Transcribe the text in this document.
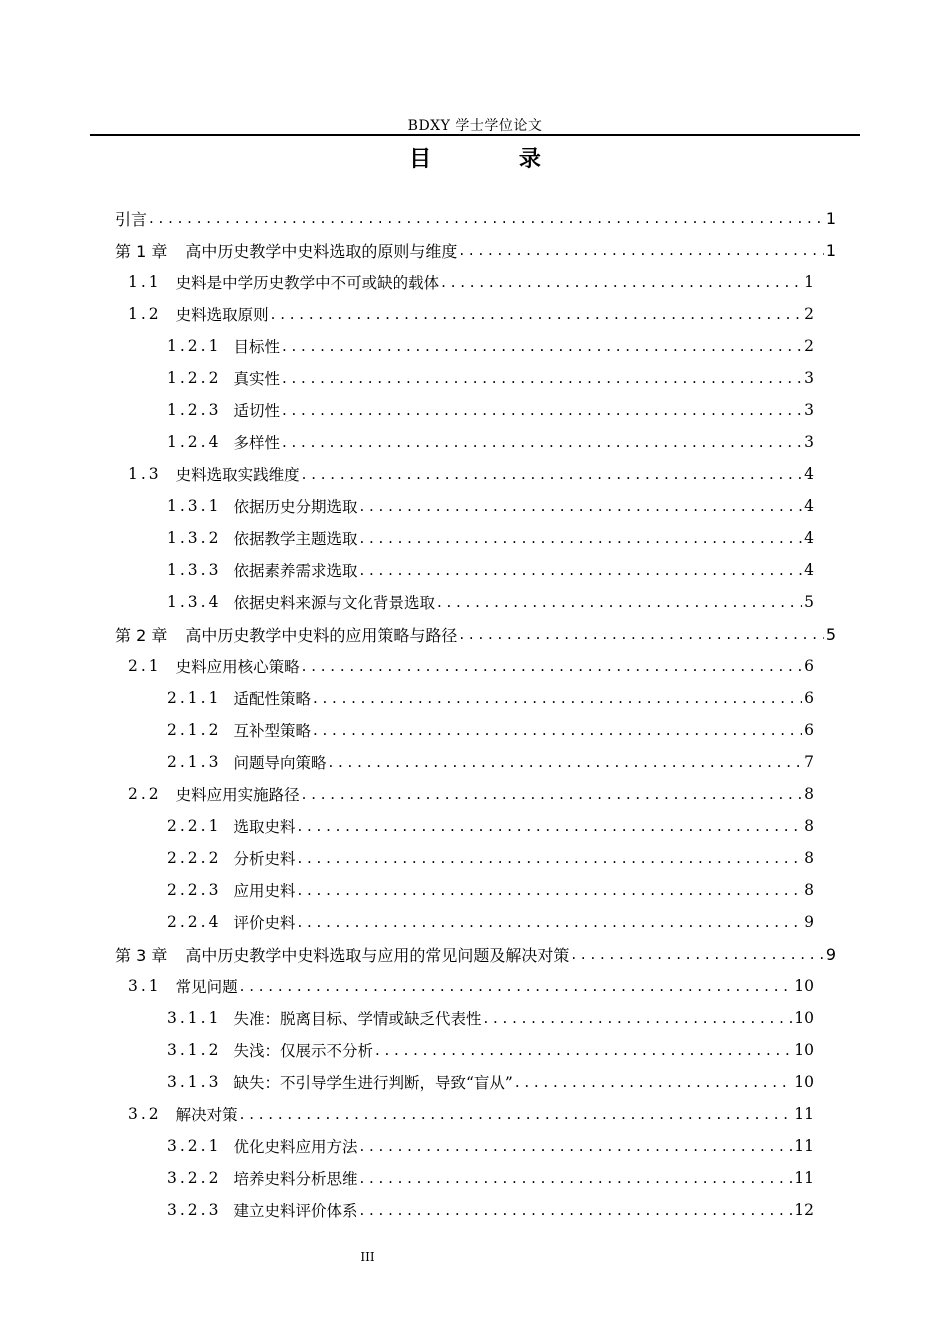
BDXY 学士学位论文
目 录
引言 . . .	1
第 1 章 高中历史教学中史料选取的原则与维度 . . .	1
1.1 史料是中学历史教学中不可或缺的载体 . . .	1
1.2 史料选取原则 . . .	2
1.2.1 目标性 . . .	2
1.2.2 真实性 . . .	3
1.2.3 适切性 . . .	3
1.2.4 多样性 . . .	3
1.3 史料选取实践维度 . . .	4
1.3.1 依据历史分期选取 . . .	4
1.3.2 依据教学主题选取 . . .	4
1.3.3 依据素养需求选取 . . .	4
1.3.4 依据史料来源与文化背景选取 . . .	5
第 2 章 高中历史教学中史料的应用策略与路径 . . .	5
2.1 史料应用核心策略 . . .	6
2.1.1 适配性策略 . . .	6
2.1.2 互补型策略 . . .	6
2.1.3 问题导向策略 . . .	7
2.2 史料应用实施路径 . . .	8
2.2.1 选取史料 . . .	8
2.2.2 分析史料 . . .	8
2.2.3 应用史料 . . .	8
2.2.4 评价史料 . . .	9
第 3 章 高中历史教学中史料选取与应用的常见问题及解决对策 . . .	9
3.1 常见问题 . . .	10
3.1.1 失准：脱离目标、学情或缺乏代表性 . . .	10
3.1.2 失浅：仅展示不分析 . . .	10
3.1.3 缺失：不引导学生进行判断，导致“盲从” . . .	10
3.2 解决对策 . . .	11
3.2.1 优化史料应用方法 . . .	11
3.2.2 培养史料分析思维 . . .	11
3.2.3 建立史料评价体系 . . .	12
III
